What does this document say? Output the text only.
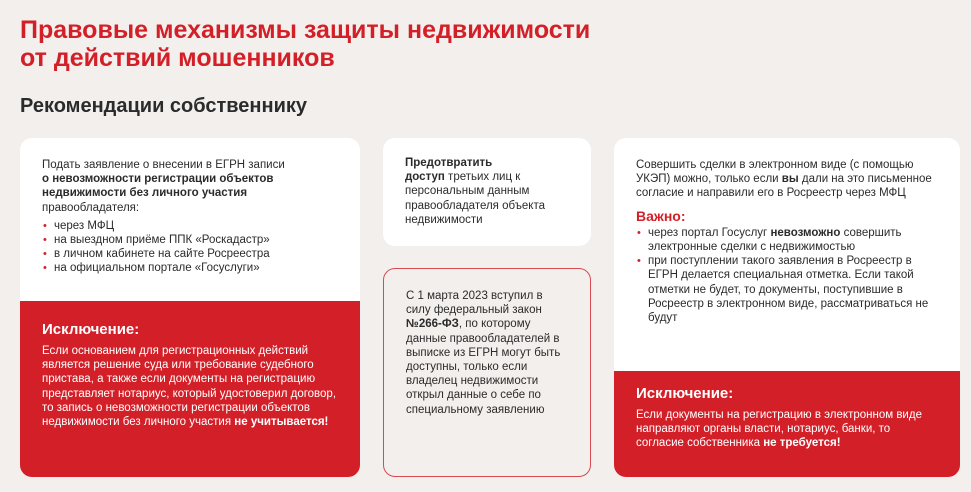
Правовые механизмы защиты недвижимости
от действий мошенников
Рекомендации собственнику
Подать заявление о внесении в ЕГРН записи
о невозможности регистрации объектов недвижимости без личного участия правообладателя:
• через МФЦ
• на выездном приёме ППК «Роскадастр»
• в личном кабинете на сайте Росреестра
• на официальном портале «Госуслуги»
Исключение:
Если основанием для регистрационных действий является решение суда или требование судебного пристава, а также если документы на регистрацию представляет нотариус, который удостоверил договор, то запись о невозможности регистрации объектов недвижимости без личного участия не учитывается!
Предотвратить
доступ третьих лиц к персональным данным правообладателя объекта недвижимости
С 1 марта 2023 вступил в силу федеральный закон №266-ФЗ, по которому данные правообладателей в выписке из ЕГРН могут быть доступны, только если владелец недвижимости открыл данные о себе по специальному заявлению
Совершить сделки в электронном виде (с помощью УКЭП) можно, только если вы дали на это письменное согласие и направили его в Росреестр через МФЦ
Важно:
• через портал Госуслуг невозможно совершить электронные сделки с недвижимостью
• при поступлении такого заявления в Росреестр в ЕГРН делается специальная отметка. Если такой отметки не будет, то документы, поступившие в Росреестр в электронном виде, рассматриваться не будут
Исключение:
Если документы на регистрацию в электронном виде направляют органы власти, нотариус, банки, то согласие собственника не требуется!
